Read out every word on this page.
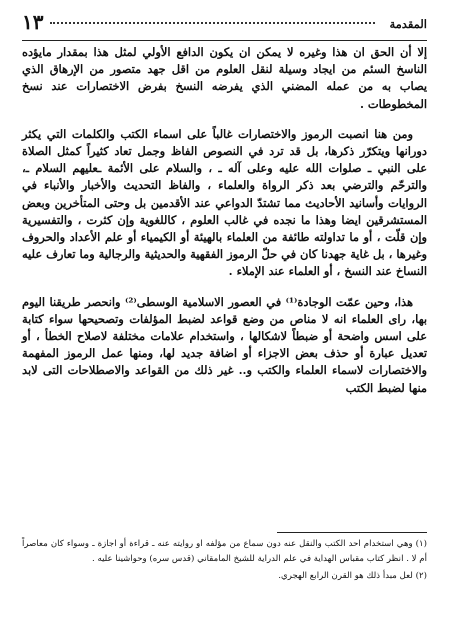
المقدمة
١٣

إلا أن الحق ان هذا وغيره لا يمكن ان يكون الدافع الأولي لمثل هذا بمقدار مايؤده الناسخ السئم من ايجاد وسيلة لنقل العلوم من اقل جهد متصور من الإرهاق الذي يصاب به من عمله المضني الذي يفرضه النسخ بفرض الاختصارات عند نسخ المخطوطات .

ومن هنا انصبت الرموز والاختصارات غالباً على اسماء الكتب والكلمات التي يكثر دورانها ويتكرّر ذكرها، بل قد ترد في النصوص الفاظ وجمل تعاد كثيراً كمثل الصلاة على النبي ـ صلوات الله عليه وعلى آله ـ ، والسلام على الأئمة ـعليهم السلام ـ، والترحّم والترضي بعد ذكر الرواة والعلماء ، والفاظ التحديث والأخبار والأنباء في الروايات وأسانيد الأحاديث مما تشتدّ الدواعي عند الأقدمين بل وحتى المتأخرين وبعض المستشرقين ايضا وهذا ما نجده في غالب العلوم ، كاللغوية وإن كثرت ، والتفسيرية وإن قلّت ، أو ما تداولته طائفة من العلماء بالهيئة أو الكيمياء أو علم الأعداد والحروف وغيرها ، بل غاية جهدنا كان في حلّ الرموز الفقهية والحديثية والرجالية وما تعارف عليه النساخ عند النسخ ، أو العلماء عند الإملاء .

هذا، وحين عمّت الوجادة⁽¹⁾ في العصور الاسلامية الوسطى⁽²⁾ وانحصر طريقنا اليوم بها، راى العلماء انه لا مناص من وضع قواعد لضبط المؤلفات وتصحيحها سواء كتابة على اسس واضحة أو ضبطاً لاشكالها ، واستخدام علامات مختلفة لاصلاح الخطأ ، أو تعديل عبارة أو حذف بعض الاجزاء أو اضافة جديد لها، ومنها عمل الرموز المفهمة والاختصارات لاسماء العلماء والكتب و.. غير ذلك من القواعد والاصطلاحات التى لابد منها لضبط الكتب

(١) وهي استخدام احد الكتب والنقل عنه دون سماع من مؤلفه او روايته عنه ـ قراءة أو اجازة ـ وسواء كان معاصراً أم لا . انظر كتاب مقباس الهداية في علم الدراية للشيخ المامقاني (قدس سره) وحواشينا عليه .

(٢) لعل مبدأ ذلك هو القرن الرابع الهجري.
